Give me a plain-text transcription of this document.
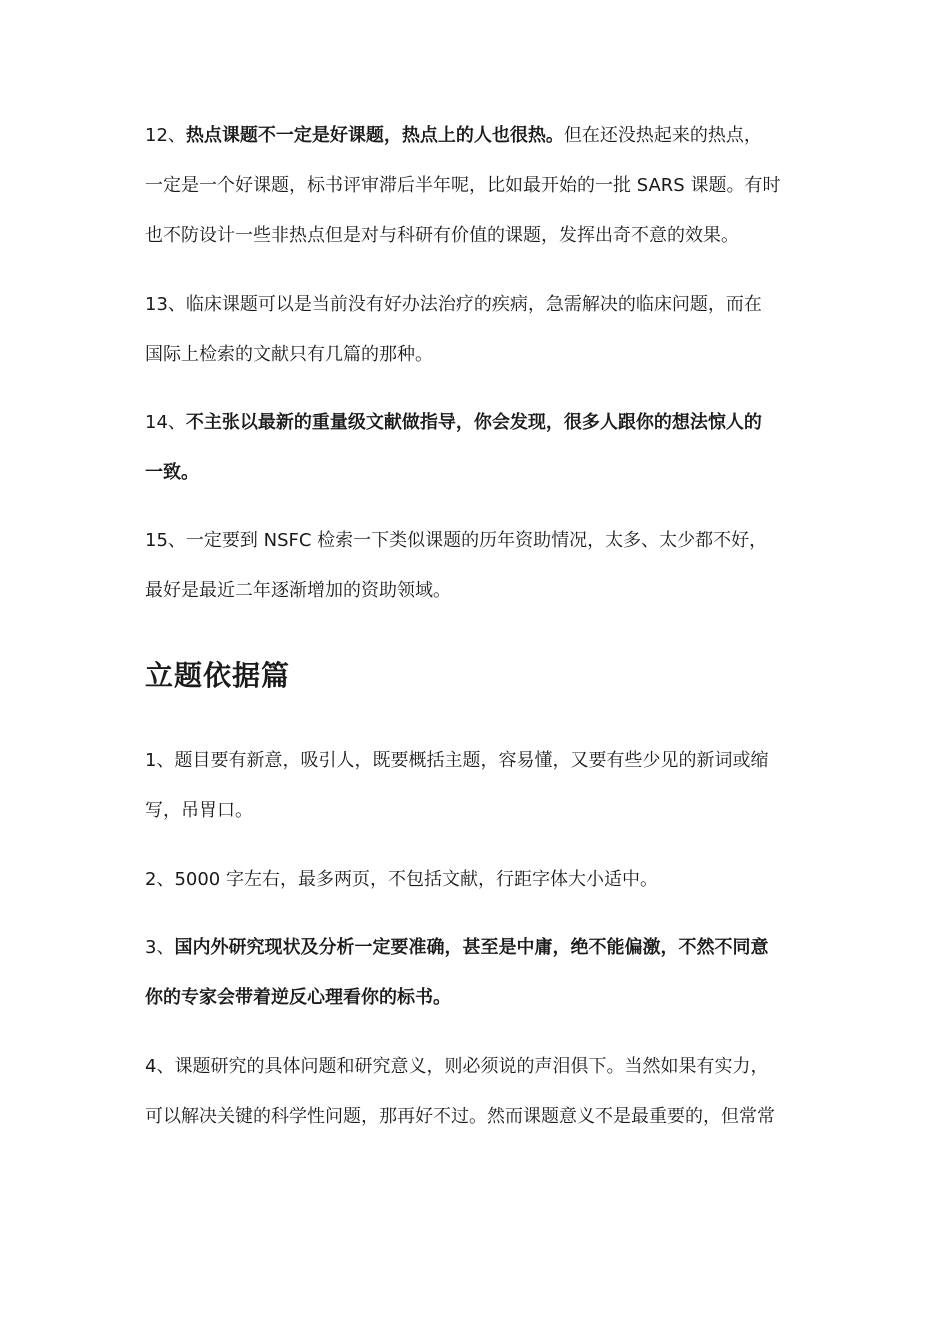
12、热点课题不一定是好课题，热点上的人也很热。但在还没热起来的热点，
一定是一个好课题，标书评审滞后半年呢，比如最开始的一批 SARS 课题。有时
也不防设计一些非热点但是对与科研有价值的课题，发挥出奇不意的效果。
13、临床课题可以是当前没有好办法治疗的疾病，急需解决的临床问题，而在
国际上检索的文献只有几篇的那种。
14、不主张以最新的重量级文献做指导，你会发现，很多人跟你的想法惊人的
一致。
15、一定要到 NSFC 检索一下类似课题的历年资助情况，太多、太少都不好，
最好是最近二年逐渐增加的资助领域。
立题依据篇
1、题目要有新意，吸引人，既要概括主题，容易懂，又要有些少见的新词或缩
写，吊胃口。
2、5000 字左右，最多两页，不包括文献，行距字体大小适中。
3、国内外研究现状及分析一定要准确，甚至是中庸，绝不能偏激，不然不同意
你的专家会带着逆反心理看你的标书。
4、课题研究的具体问题和研究意义，则必须说的声泪俱下。当然如果有实力，
可以解决关键的科学性问题，那再好不过。然而课题意义不是最重要的，但常常
